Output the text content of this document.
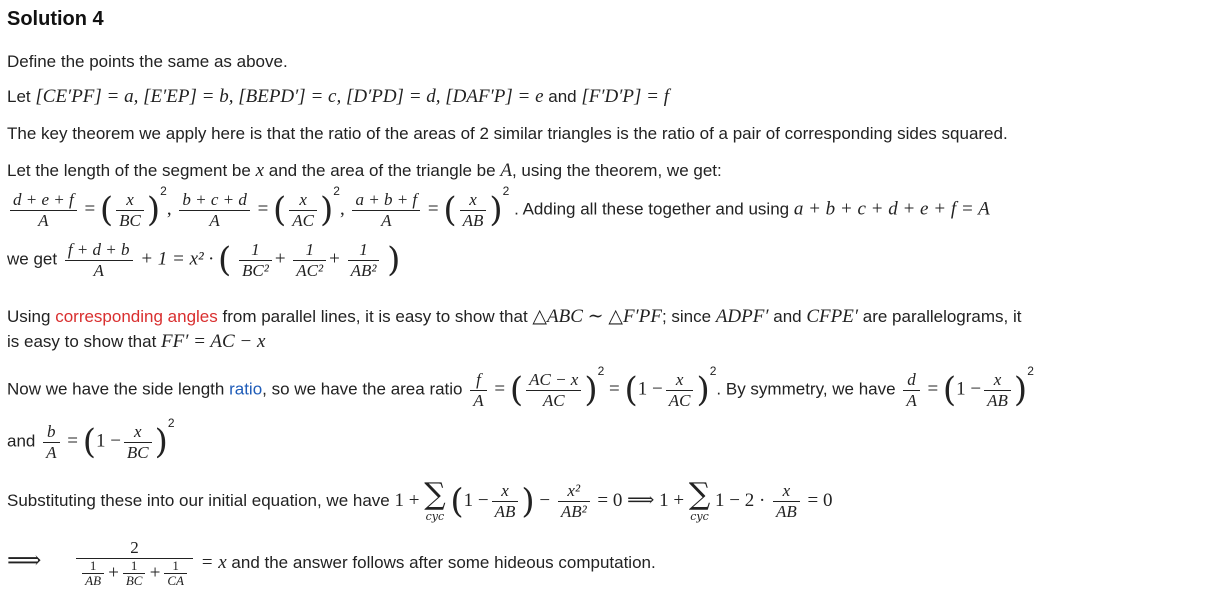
Solution 4
Define the points the same as above.
Let [CE′PF] = a, [E′EP] = b, [BEPD′] = c, [D′PD] = d, [DAF′P] = e and [F′D′P] = f
The key theorem we apply here is that the ratio of the areas of 2 similar triangles is the ratio of a pair of corresponding sides squared.
Let the length of the segment be x and the area of the triangle be A, using the theorem, we get:
$\frac{d + e + f}{A}$ = ( $\frac{x}{BC} )^2$, $\frac{b + c + d}{A}$ = ( $\frac{x}{AC} )^2$, $\frac{a + b + f}{A}$ = ( $\frac{x}{AB} )^2$ . Adding all these together and using a + b + c + d + e + f = A
we get $\frac{f + d + b}{A} + 1 = x^2$ · ( $\frac{1}{\text{BC²}} + \frac{1}{\text{AC²}} + \frac{1}{\text{AB²}}$ )
Using corresponding angles from parallel lines, it is easy to show that △ABC ∼ △F′PF; since ADPF′ and CFPE′ are parallelograms, it
is easy to show that FF′ = AC − x
Now we have the side length ratio, so we have the area ratio $\frac{f}{A}$ = ( $\frac{AC - x}{AC} )^2 = (1 - \frac{x}{AC} )^2$. By symmetry, we have $\frac{d}{A} = (1 - \frac{x}{AB} )^2$
and $\frac{b}{A} = (1 - \frac{x}{BC} )^2$
Substituting these into our initial equation, we have 1 + ∑
cyc ($1 - \frac{x}{AB}$ ) − $\frac{\text{x²}}{\text{AB²}} = 0$ ⟹ 1 + ∑
cyc
$1 - 2 \cdot \frac{x}{AB} = 0$
⟹ $\frac{2}{\frac{1}{AB} + \frac{1}{BC} + \frac{1}{CA}} = x$ and the answer follows after some hideous computation.
